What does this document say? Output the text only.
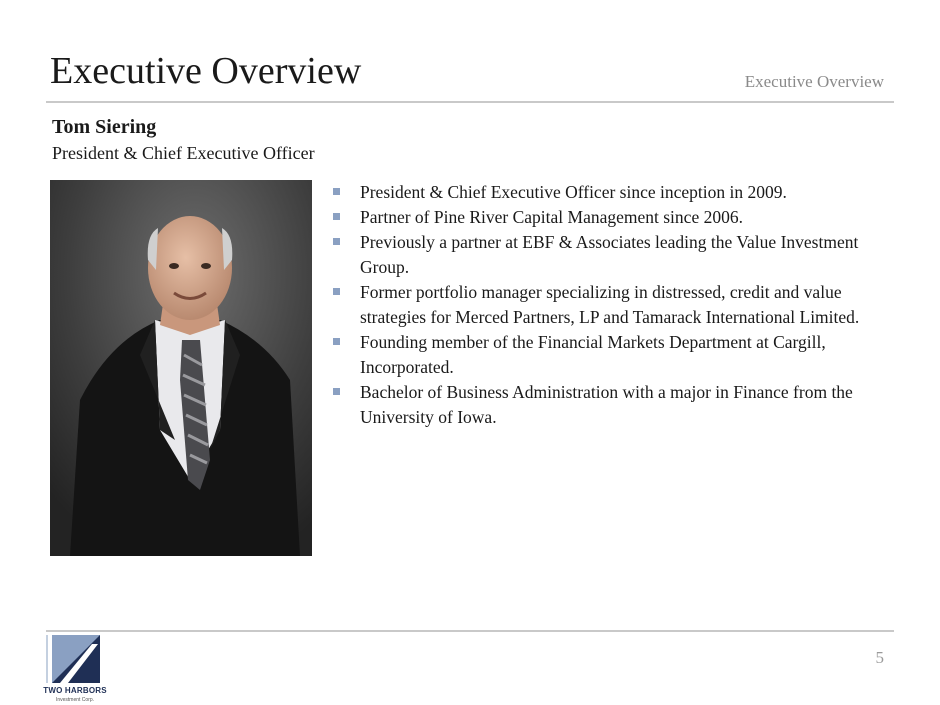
Executive Overview	Executive Overview
Tom Siering
President & Chief Executive Officer
President & Chief Executive Officer since inception in 2009.
Partner of Pine River Capital Management since 2006.
Previously a partner at EBF & Associates leading the Value Investment Group.
Former portfolio manager specializing in distressed, credit and value strategies for Merced Partners, LP and Tamarack International Limited.
Founding member of the Financial Markets Department at Cargill, Incorporated.
Bachelor of Business Administration with a major in Finance from the University of Iowa.
5
TWO HARBORS
Investment Corp.
